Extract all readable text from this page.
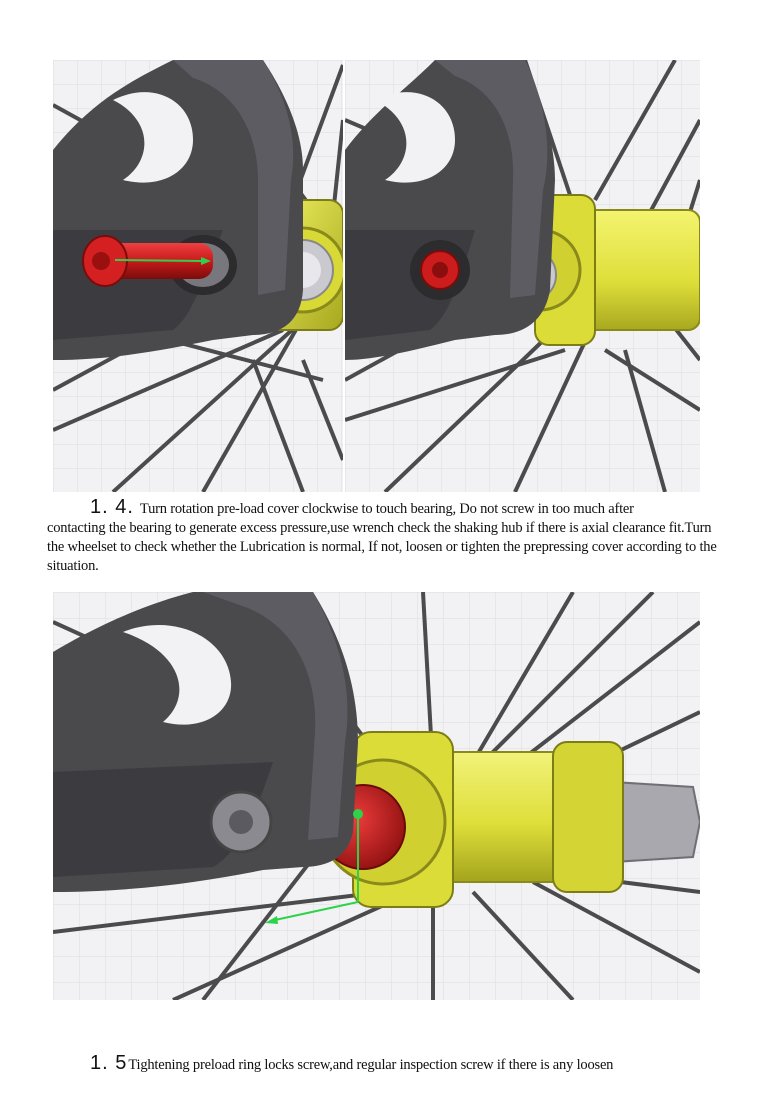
1. 4. Turn rotation pre-load cover clockwise to touch bearing, Do not screw in too much after
contacting the bearing to generate excess pressure,use wrench check the shaking hub if there is axial clearance fit.Turn the wheelset to check whether the Lubrication is normal, If not, loosen or tighten the prepressing cover according to the situation.
1. 5Tightening preload ring locks screw,and regular inspection screw if there is any loosen
